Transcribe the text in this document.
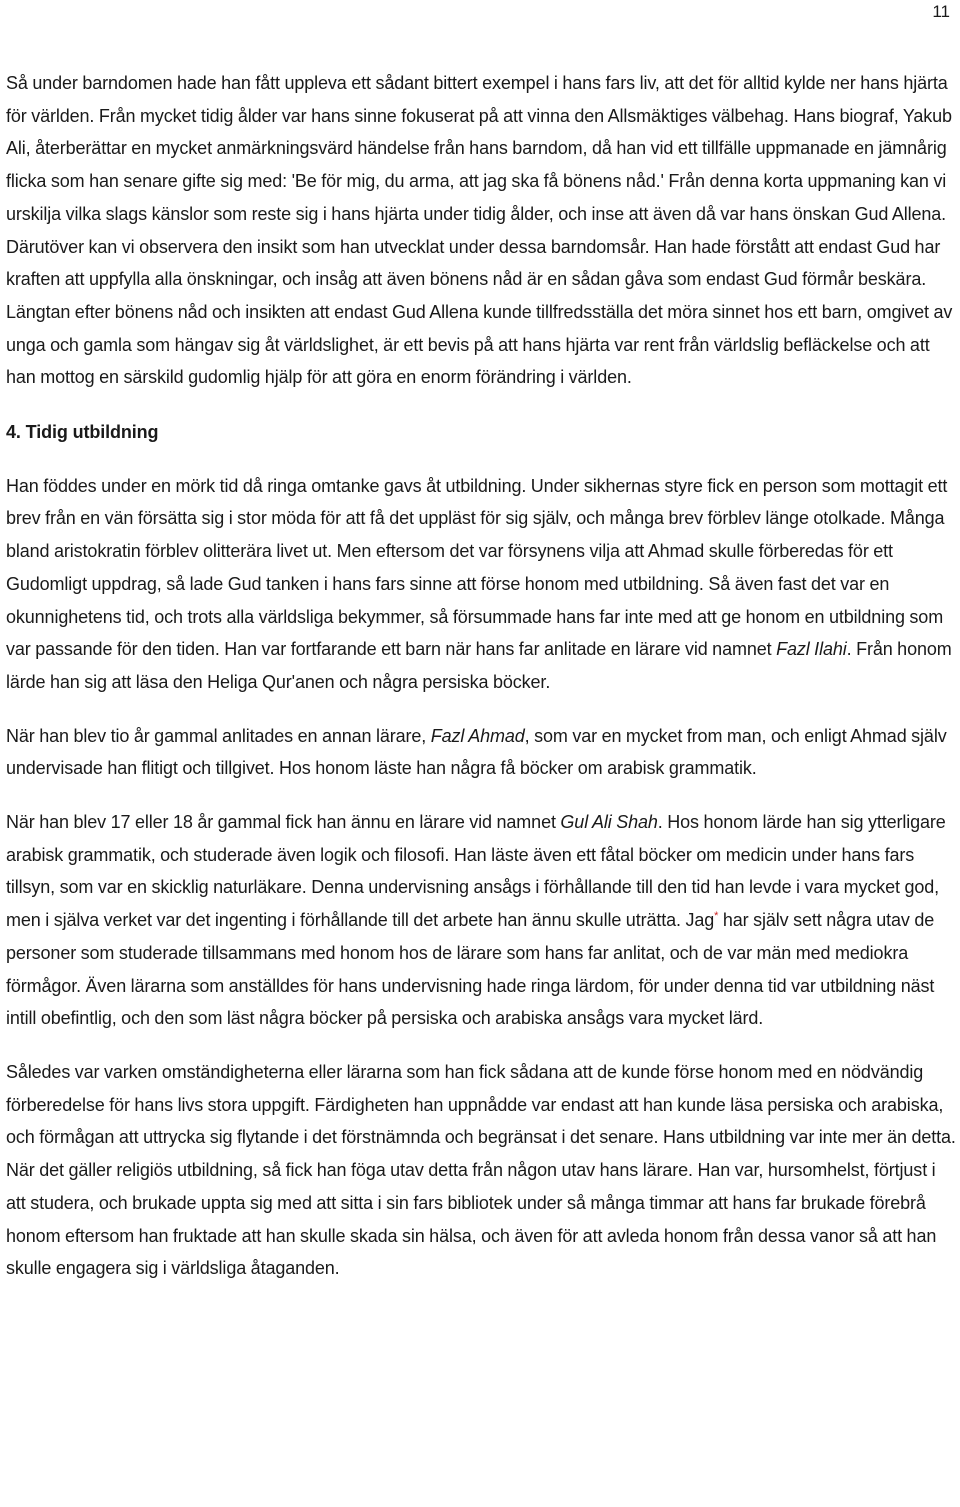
11

Så under barndomen hade han fått uppleva ett sådant bittert exempel i hans fars liv, att det för alltid kylde ner hans hjärta för världen. Från mycket tidig ålder var hans sinne fokuserat på att vinna den Allsmäktiges välbehag. Hans biograf, Yakub Ali, återberättar en mycket anmärkningsvärd händelse från hans barndom, då han vid ett tillfälle uppmanade en jämnårig flicka som han senare gifte sig med: 'Be för mig, du arma, att jag ska få bönens nåd.' Från denna korta uppmaning kan vi urskilja vilka slags känslor som reste sig i hans hjärta under tidig ålder, och inse att även då var hans önskan Gud Allena. Därutöver kan vi observera den insikt som han utvecklat under dessa barndomsår. Han hade förstått att endast Gud har kraften att uppfylla alla önskningar, och insåg att även bönens nåd är en sådan gåva som endast Gud förmår beskära. Längtan efter bönens nåd och insikten att endast Gud Allena kunde tillfredsställa det möra sinnet hos ett barn, omgivet av unga och gamla som hängav sig åt världslighet, är ett bevis på att hans hjärta var rent från världslig befläckelse och att han mottog en särskild gudomlig hjälp för att göra en enorm förändring i världen.

4. Tidig utbildning

Han föddes under en mörk tid då ringa omtanke gavs åt utbildning. Under sikhernas styre fick en person som mottagit ett brev från en vän försätta sig i stor möda för att få det uppläst för sig själv, och många brev förblev länge otolkade. Många bland aristokratin förblev olitterära livet ut. Men eftersom det var försynens vilja att Ahmad skulle förberedas för ett Gudomligt uppdrag, så lade Gud tanken i hans fars sinne att förse honom med utbildning. Så även fast det var en okunnighetens tid, och trots alla världsliga bekymmer, så försummade hans far inte med att ge honom en utbildning som var passande för den tiden. Han var fortfarande ett barn när hans far anlitade en lärare vid namnet Fazl Ilahi. Från honom lärde han sig att läsa den Heliga Qur'anen och några persiska böcker.

När han blev tio år gammal anlitades en annan lärare, Fazl Ahmad, som var en mycket from man, och enligt Ahmad själv undervisade han flitigt och tillgivet. Hos honom läste han några få böcker om arabisk grammatik.

När han blev 17 eller 18 år gammal fick han ännu en lärare vid namnet Gul Ali Shah. Hos honom lärde han sig ytterligare arabisk grammatik, och studerade även logik och filosofi. Han läste även ett fåtal böcker om medicin under hans fars tillsyn, som var en skicklig naturläkare. Denna undervisning ansågs i förhållande till den tid han levde i vara mycket god, men i själva verket var det ingenting i förhållande till det arbete han ännu skulle uträtta. Jag* har själv sett några utav de personer som studerade tillsammans med honom hos de lärare som hans far anlitat, och de var män med mediokra förmågor. Även lärarna som anställdes för hans undervisning hade ringa lärdom, för under denna tid var utbildning näst intill obefintlig, och den som läst några böcker på persiska och arabiska ansågs vara mycket lärd.

Således var varken omständigheterna eller lärarna som han fick sådana att de kunde förse honom med en nödvändig förberedelse för hans livs stora uppgift. Färdigheten han uppnådde var endast att han kunde läsa persiska och arabiska, och förmågan att uttrycka sig flytande i det förstnämnda och begränsat i det senare. Hans utbildning var inte mer än detta. När det gäller religiös utbildning, så fick han föga utav detta från någon utav hans lärare. Han var, hursomhelst, förtjust i att studera, och brukade uppta sig med att sitta i sin fars bibliotek under så många timmar att hans far brukade förebrå honom eftersom han fruktade att han skulle skada sin hälsa, och även för att avleda honom från dessa vanor så att han skulle engagera sig i världsliga åtaganden.
